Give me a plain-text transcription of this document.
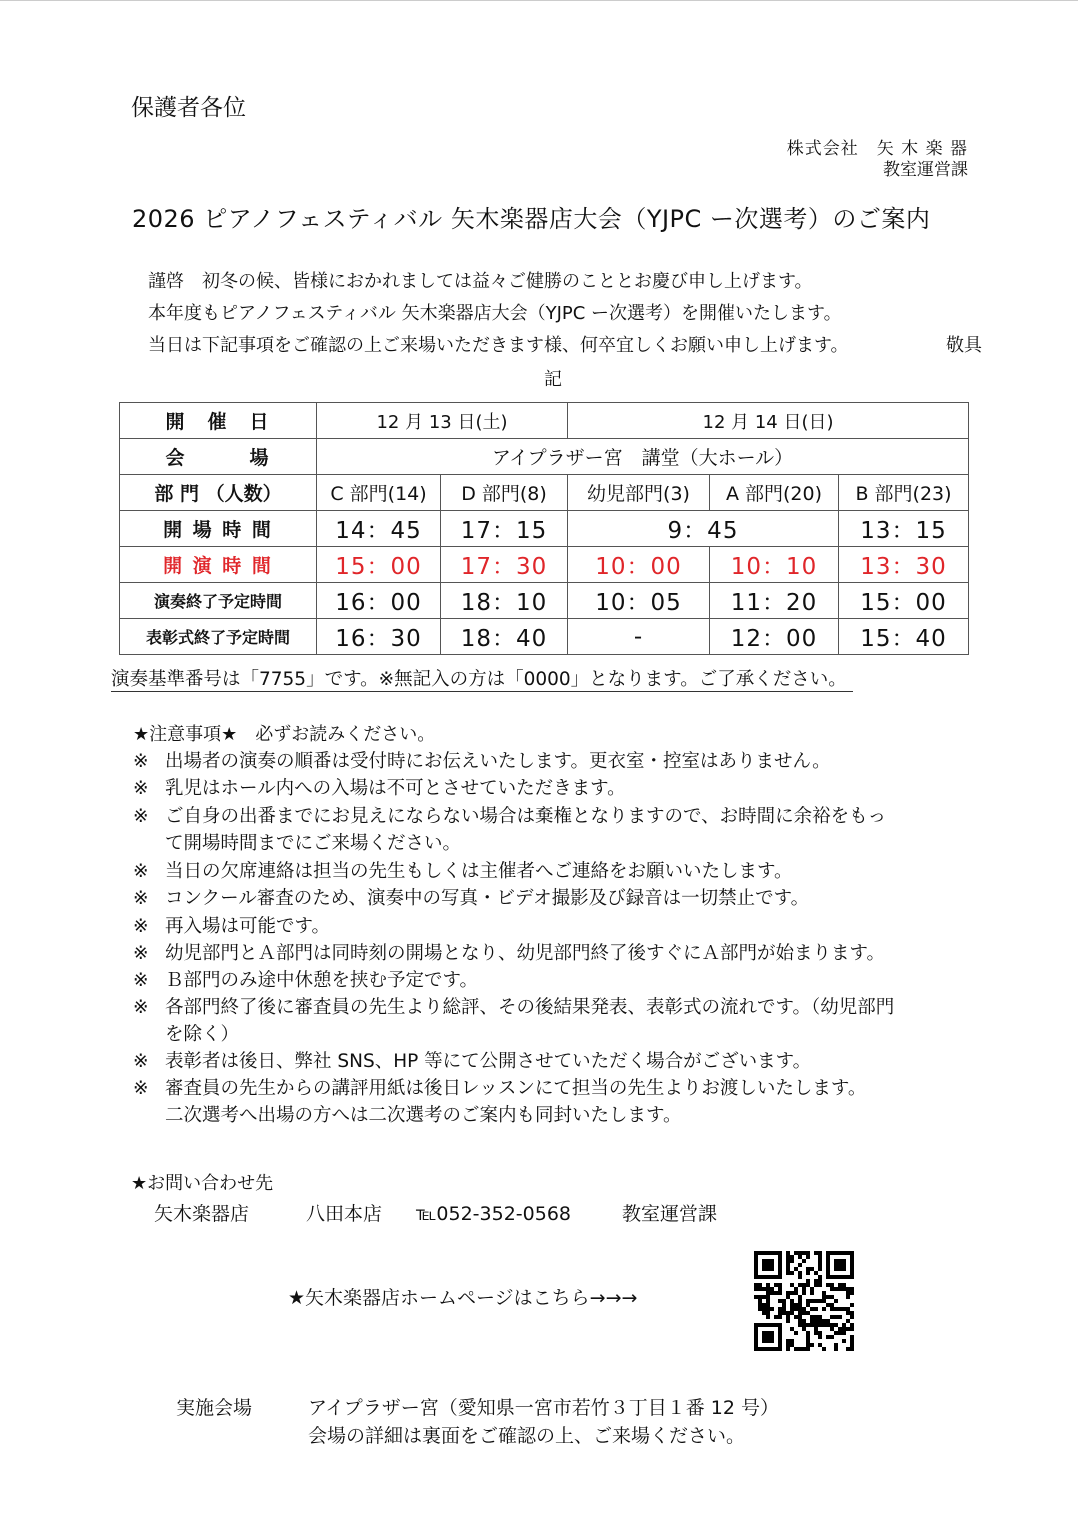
保護者各位
株式会社　矢 木 楽 器
教室運営課
2026 ピアノフェスティバル 矢木楽器店大会（YJPC ー次選考）のご案内
謹啓　初冬の候、皆様におかれましては益々ご健勝のこととお慶び申し上げます。
本年度もピアノフェスティバル 矢木楽器店大会（YJPC ー次選考）を開催いたします。
当日は下記事項をご確認の上ご来場いただきます様、何卒宜しくお願い申し上げます。	敬具
記
開　催　日	12 月 13 日(土)		12 月 14 日(日)		
会　　　場	アイプラザー宮　講堂（大ホール）				
部 門 （人数）	C 部門(14)	D 部門(8)	幼児部門(3)	A 部門(20)	B 部門(23)
開 場 時 間	14：45	17：15	9：45		13：15
開 演 時 間	15：00	17：30	10：00	10：10	13：30
演奏終了予定時間	16：00	18：10	10：05	11：20	15：00
表彰式終了予定時間	16：30	18：40	-	12：00	15：40
演奏基準番号は「7755」です。※無記入の方は「0000」となります。ご了承ください。
★注意事項★　必ずお読みください。
※ 出場者の演奏の順番は受付時にお伝えいたします。更衣室・控室はありません。
※ 乳児はホール内への入場は不可とさせていただきます。
※ ご自身の出番までにお見えにならない場合は棄権となりますので、お時間に余裕をもっ
て開場時間までにご来場ください。
※ 当日の欠席連絡は担当の先生もしくは主催者へご連絡をお願いいたします。
※ コンクール審査のため、演奏中の写真・ビデオ撮影及び録音は一切禁止です。
※ 再入場は可能です。
※ 幼児部門とＡ部門は同時刻の開場となり、幼児部門終了後すぐにＡ部門が始まります。
※ Ｂ部門のみ途中休憩を挟む予定です。
※ 各部門終了後に審査員の先生より総評、その後結果発表、表彰式の流れです。（幼児部門
を除く）
※ 表彰者は後日、弊社 SNS、HP 等にて公開させていただく場合がございます。
※ 審査員の先生からの講評用紙は後日レッスンにて担当の先生よりお渡しいたします。
二次選考へ出場の方へは二次選考のご案内も同封いたします。
★お問い合わせ先
矢木楽器店	八田本店 ℡052-352-0568	教室運営課
★矢木楽器店ホームページはこちら→→→
実施会場	アイプラザー宮（愛知県一宮市若竹３丁目１番 12 号）
会場の詳細は裏面をご確認の上、ご来場ください。
